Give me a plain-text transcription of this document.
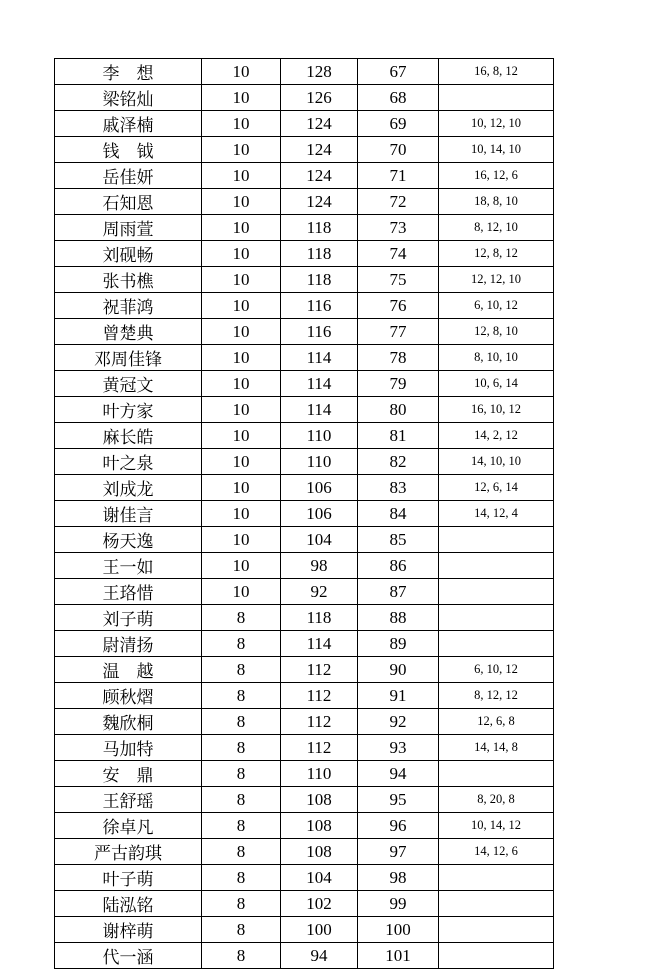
李　想	10	128	67	16, 8, 12
梁铭灿	10	126	68	
戚泽楠	10	124	69	10, 12, 10
钱　钺	10	124	70	10, 14, 10
岳佳妍	10	124	71	16, 12, 6
石知恩	10	124	72	18, 8, 10
周雨萱	10	118	73	8, 12, 10
刘砚畅	10	118	74	12, 8, 12
张书樵	10	118	75	12, 12, 10
祝菲鸿	10	116	76	6, 10, 12
曾楚典	10	116	77	12, 8, 10
邓周佳锋	10	114	78	8, 10, 10
黄冠文	10	114	79	10, 6, 14
叶方家	10	114	80	16, 10, 12
麻长皓	10	110	81	14, 2, 12
叶之泉	10	110	82	14, 10, 10
刘成龙	10	106	83	12, 6, 14
谢佳言	10	106	84	14, 12, 4
杨天逸	10	104	85	
王一如	10	98	86	
王珞惜	10	92	87	
刘子萌	8	118	88	
尉清扬	8	114	89	
温　越	8	112	90	6, 10, 12
顾秋熠	8	112	91	8, 12, 12
魏欣桐	8	112	92	12, 6, 8
马加特	8	112	93	14, 14, 8
安　鼎	8	110	94	
王舒瑶	8	108	95	8, 20, 8
徐卓凡	8	108	96	10, 14, 12
严古韵琪	8	108	97	14, 12, 6
叶子萌	8	104	98	
陆泓铭	8	102	99	
谢梓萌	8	100	100	
代一涵	8	94	101	
